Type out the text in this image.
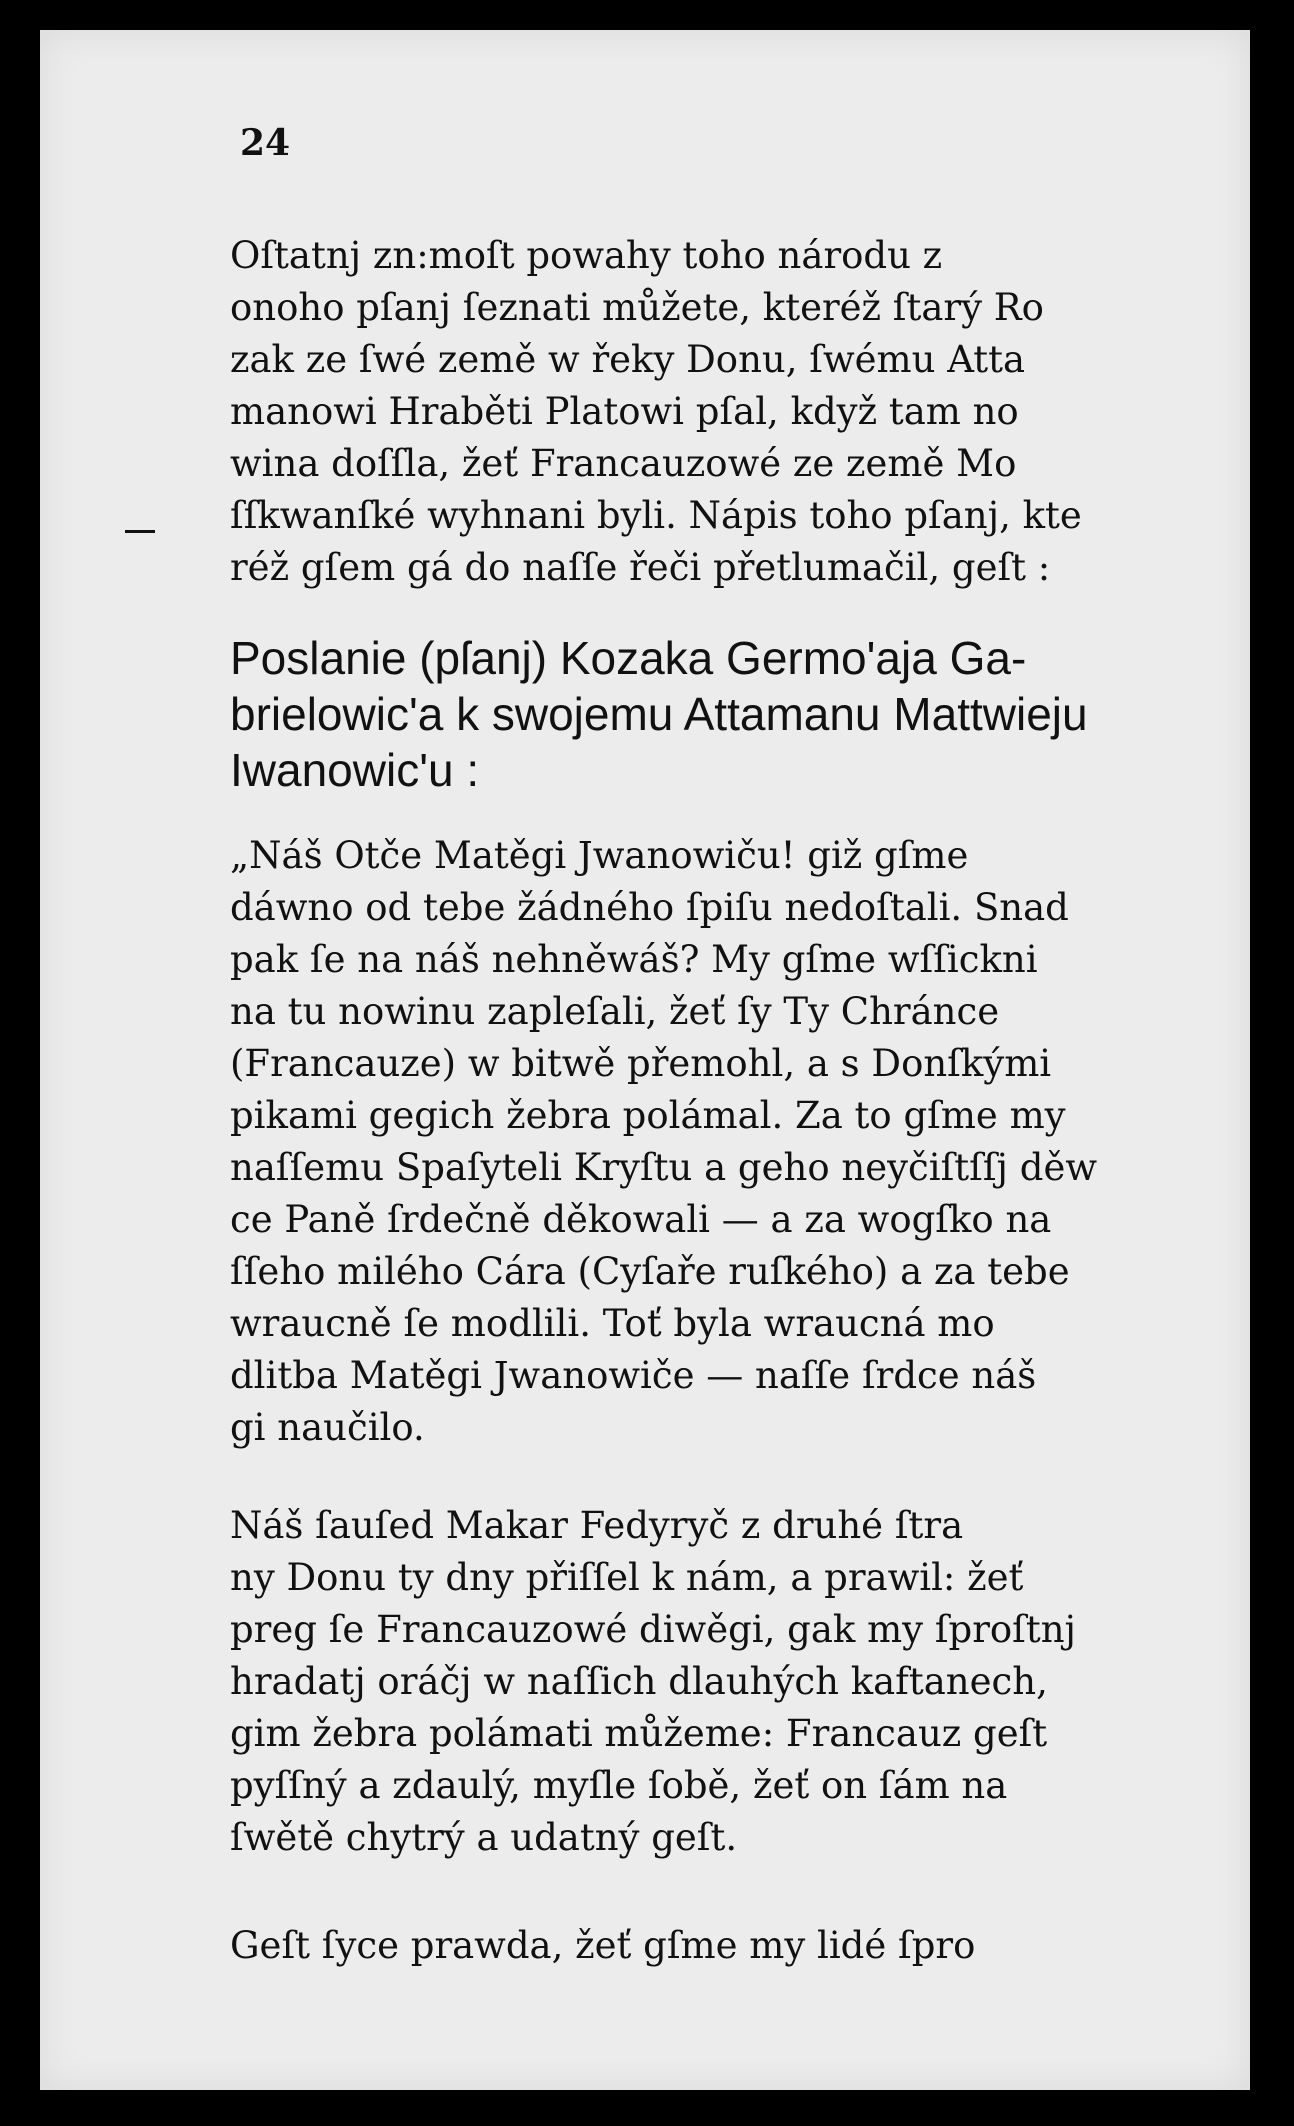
24
Oſtatnj zn:moſt powahy toho národu z
onoho pſanj ſeznati můžete, kteréž ſtarý Ro
zak ze ſwé země w řeky Donu, ſwému Atta
manowi Hraběti Platowi pſal, když tam no
wina doſſla, žeť Francauzowé ze země Mo
ſſkwanſké wyhnani byli. Nápis toho pſanj, kte
réž gſem gá do naſſe řeči přetlumačil, geſt :
Poslanie (pſanj) Kozaka Germo'aja Ga-
brielowic'a k swojemu Attamanu Mattwieju
Iwanowic'u :
„Náš Otče Matěgi Jwanowiču! giž gſme
dáwno od tebe žádného ſpiſu nedoſtali. Snad
pak ſe na náš nehněwáš? My gſme wſſickni
na tu nowinu zapleſali, žeť ſy Ty Chránce
(Francauze) w bitwě přemohl, a s Donſkými
pikami gegich žebra polámal. Za to gſme my
naſſemu Spaſyteli Kryſtu a geho neyčiſtſſj děw
ce Paně ſrdečně děkowali — a za wogſko na
ſſeho milého Cára (Cyſaře ruſkého) a za tebe
wraucně ſe modlili. Toť byla wraucná mo
dlitba Matěgi Jwanowiče — naſſe ſrdce náš
gi naučilo.
Náš ſauſed Makar Fedyryč z druhé ſtra
ny Donu ty dny přiſſel k nám, a prawil: žeť
preg ſe Francauzowé diwěgi, gak my ſproſtnj
hradatj oráčj w naſſich dlauhých kaftanech,
gim žebra polámati můžeme: Francauz geſt
pyſſný a zdaulý, myſle ſobě, žeť on ſám na
ſwětě chytrý a udatný geſt.
Geſt ſyce prawda, žeť gſme my lidé ſpro
